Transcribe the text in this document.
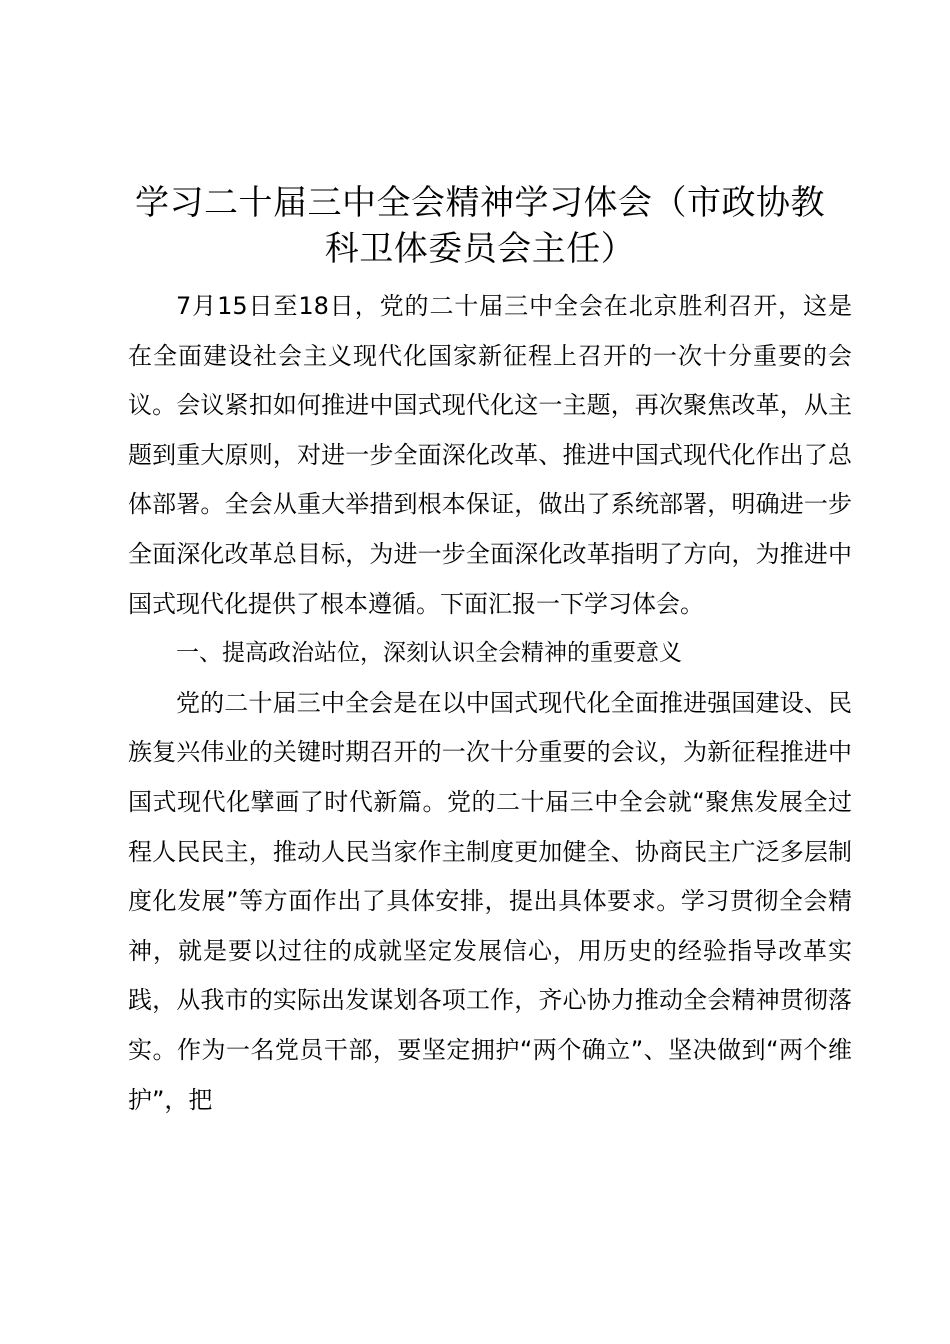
学习二十届三中全会精神学习体会（市政协教科卫体委员会主任）

7月15日至18日，党的二十届三中全会在北京胜利召开，这是在全面建设社会主义现代化国家新征程上召开的一次十分重要的会议。会议紧扣如何推进中国式现代化这一主题，再次聚焦改革，从主题到重大原则，对进一步全面深化改革、推进中国式现代化作出了总体部署。全会从重大举措到根本保证，做出了系统部署，明确进一步全面深化改革总目标，为进一步全面深化改革指明了方向，为推进中国式现代化提供了根本遵循。下面汇报一下学习体会。

一、提高政治站位，深刻认识全会精神的重要意义

党的二十届三中全会是在以中国式现代化全面推进强国建设、民族复兴伟业的关键时期召开的一次十分重要的会议，为新征程推进中国式现代化擘画了时代新篇。党的二十届三中全会就“聚焦发展全过程人民民主，推动人民当家作主制度更加健全、协商民主广泛多层制度化发展”等方面作出了具体安排，提出具体要求。学习贯彻全会精神，就是要以过往的成就坚定发展信心，用历史的经验指导改革实践，从我市的实际出发谋划各项工作，齐心协力推动全会精神贯彻落实。作为一名党员干部，要坚定拥护“两个确立”、坚决做到“两个维护”，把
